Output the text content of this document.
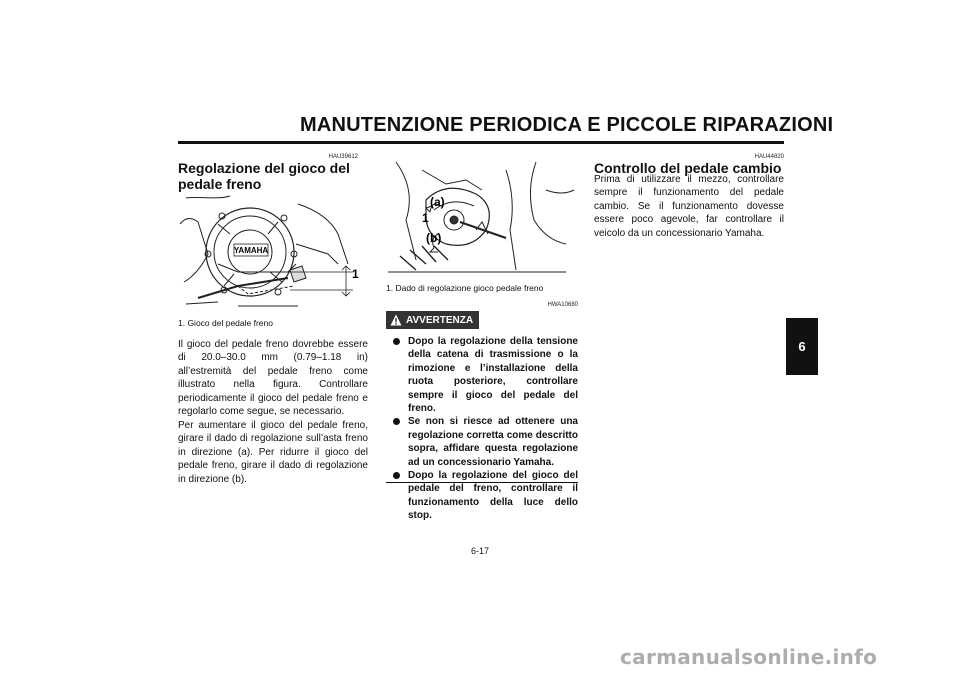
MANUTENZIONE PERIODICA E PICCOLE RIPARAZIONI
HAU39612
Regolazione del gioco del pedale freno
YAMAHA
1
1. Gioco del pedale freno
Il gioco del pedale freno dovrebbe essere di 20.0–30.0 mm (0.79–1.18 in) all’estremità del pedale freno come illustrato nella figura. Controllare periodicamente il gioco del pedale freno e regolarlo come segue, se necessario.
Per aumentare il gioco del pedale freno, girare il dado di regolazione sull’asta freno in direzione (a). Per ridurre il gioco del pedale freno, girare il dado di regolazione in direzione (b).
(a)
1
(b)
1. Dado di regolazione gioco pedale freno
HWA10680
AVVERTENZA
Dopo la regolazione della tensione della catena di trasmissione o la rimozione e l’installazione della ruota posteriore, controllare sempre il gioco del pedale del freno.
Se non si riesce ad ottenere una regolazione corretta come descritto sopra, affidare questa regolazione ad un concessionario Yamaha.
Dopo la regolazione del gioco del pedale del freno, controllare il funzionamento della luce dello stop.
HAU44820
Controllo del pedale cambio
Prima di utilizzare il mezzo, controllare sempre il funzionamento del pedale cambio. Se il funzionamento dovesse essere poco agevole, far controllare il veicolo da un concessionario Yamaha.
6
6-17
carmanualsonline.info
